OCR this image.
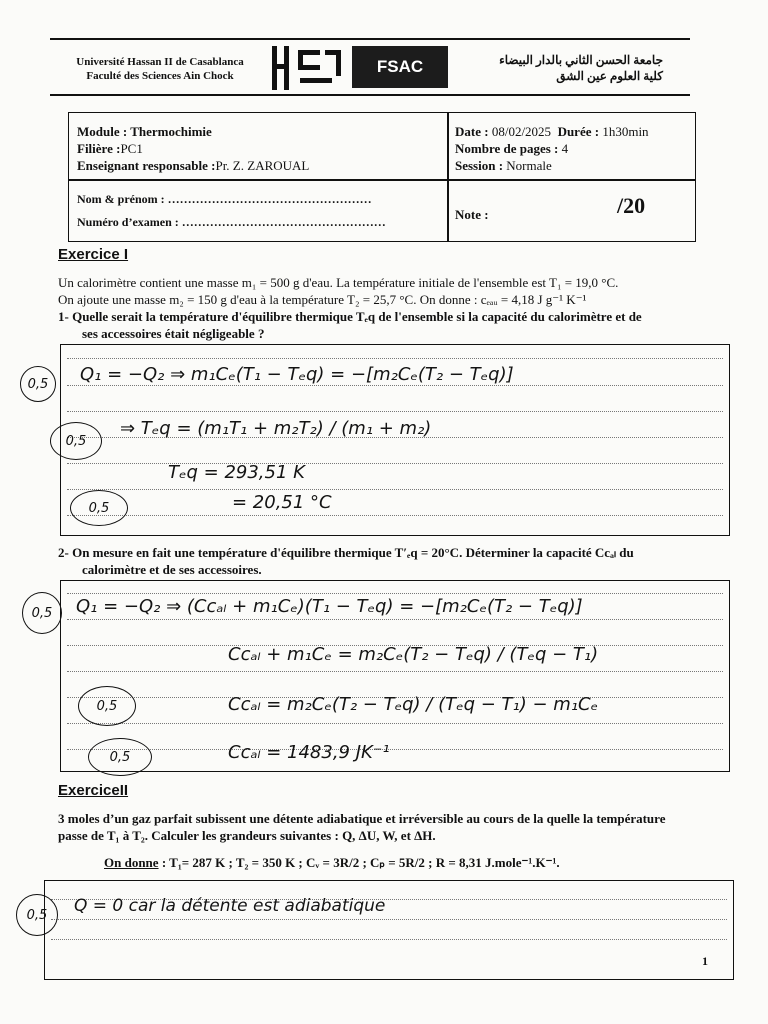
Université Hassan II de Casablanca
Faculté des Sciences Ain Chock	FSAC	جامعة الحسن الثاني بالدار البيضاء
كلية العلوم عين الشق
Module : Thermochimie
Filière :PC1
Enseignant responsable :Pr. Z. ZAROUAL
Date : 08/02/2025 Durée : 1h30min
Nombre de pages : 4
Session : Normale
Nom & prénom : ……………………………………………
Numéro d’examen : ……………………………………………	Note :	/20
Exercice I
Un calorimètre contient une masse m₁ = 500 g d'eau. La température initiale de l'ensemble est T₁ = 19,0 °C.
On ajoute une masse m₂ = 150 g d'eau à la température T₂ = 25,7 °C. On donne : cₑₐᵤ = 4,18 J g⁻¹ K⁻¹
1- Quelle serait la température d'équilibre thermique Tₑq de l'ensemble si la capacité du calorimètre et de
ses accessoires était négligeable ?
0,5	Q₁ = −Q₂ ⇒ m₁Cₑ(T₁ − Tₑq) = −[m₂Cₑ(T₂ − Tₑq)]
0,5
⇒ Tₑq = (m₁T₁ + m₂T₂) / (m₁ + m₂)
Tₑq = 293,51 K
0,5	= 20,51 °C
2- On mesure en fait une température d'équilibre thermique T′ₑq = 20°C. Déterminer la capacité Ccₐₗ du
calorimètre et de ses accessoires.
0,5	Q₁ = −Q₂ ⇒ (Ccₐₗ + m₁Cₑ)(T₁ − Tₑq) = −[m₂Cₑ(T₂ − Tₑq)]
Ccₐₗ + m₁Cₑ = m₂Cₑ(T₂ − Tₑq) / (Tₑq − T₁)
0,5	Ccₐₗ = m₂Cₑ(T₂ − Tₑq) / (Tₑq − T₁) − m₁Cₑ
0,5	Ccₐₗ = 1483,9 JK⁻¹
ExerciceII
3 moles d’un gaz parfait subissent une détente adiabatique et irréversible au cours de la quelle la température
passe de T₁ à T₂. Calculer les grandeurs suivantes : Q, ΔU, W, et ΔH.
On donne : T₁= 287 K ; T₂ = 350 K ; Cᵥ = 3R/2 ; Cₚ = 5R/2 ; R = 8,31 J.mole⁻¹.K⁻¹.
0,5	Q = 0 car la détente est adiabatique
1
